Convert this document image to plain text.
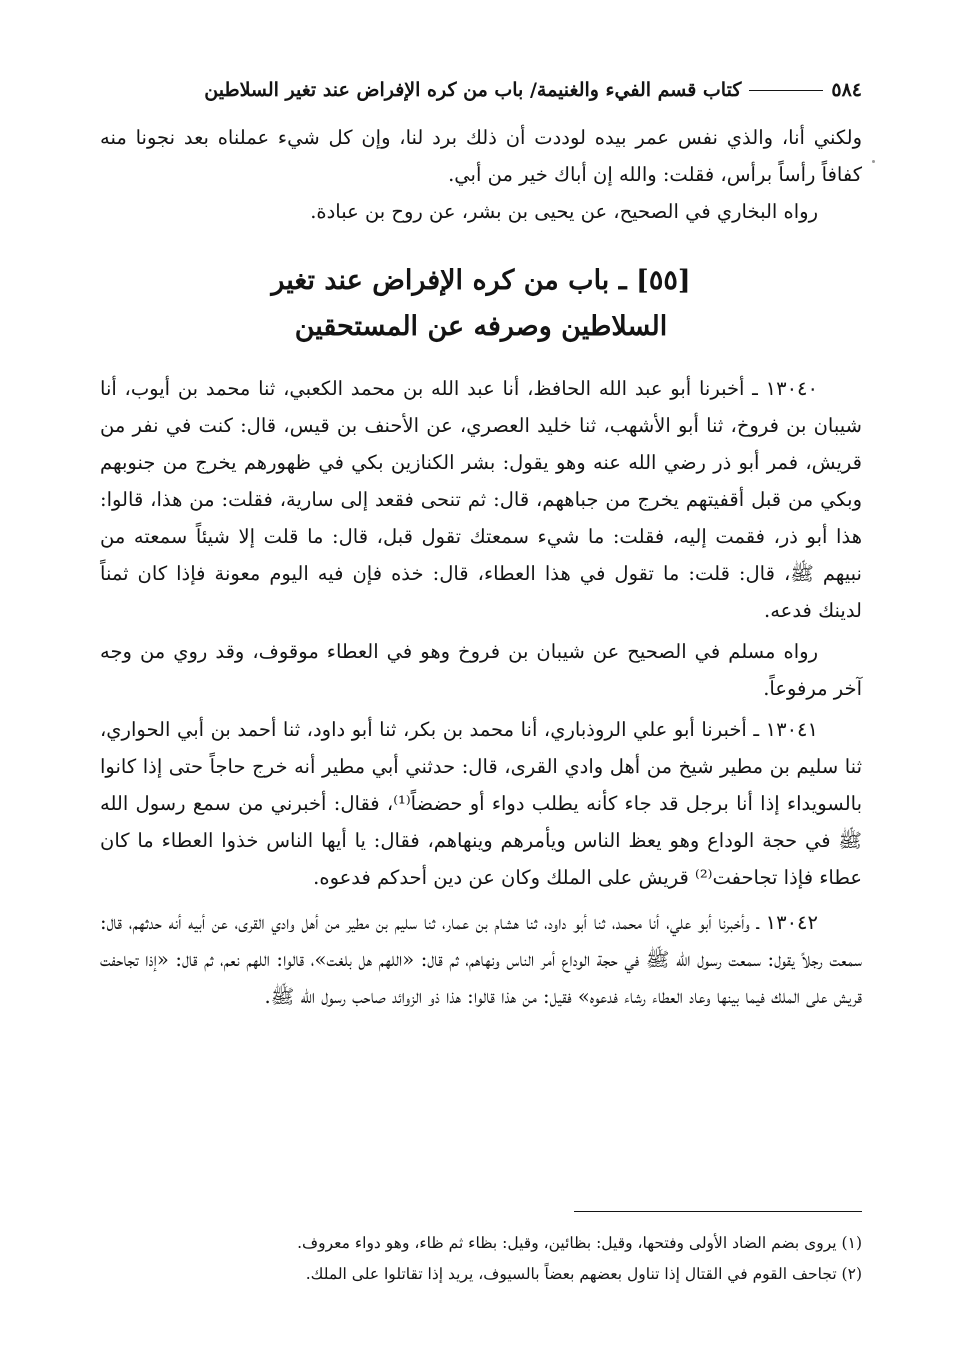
٥٨٤
كتاب قسم الفيء والغنيمة/ باب من كره الإفراض عند تغير السلاطين

ولكني أنا، والذي نفس عمر بيده لوددت أن ذلك برد لنا، وإن كل شيء عملناه بعد نجونا منه كفافاً رأساً برأس، فقلت: والله إن أباك خير من أبي.

رواه البخاري في الصحيح، عن يحيى بن بشر، عن روح بن عبادة.

[٥٥] ـ باب من كره الإفراض عند تغير
السلاطين وصرفه عن المستحقين

١٣٠٤٠ ـ أخبرنا أبو عبد الله الحافظ، أنا عبد الله بن محمد الكعبي، ثنا محمد بن أيوب، أنا شيبان بن فروخ، ثنا أبو الأشهب، ثنا خليد العصري، عن الأحنف بن قيس، قال: كنت في نفر من قريش، فمر أبو ذر رضي الله عنه وهو يقول: بشر الكنازين بكي في ظهورهم يخرج من جنوبهم وبكي من قبل أقفيتهم يخرج من جباههم، قال: ثم تنحى فقعد إلى سارية، فقلت: من هذا، قالوا: هذا أبو ذر، فقمت إليه، فقلت: ما شيء سمعتك تقول قبل، قال: ما قلت إلا شيئاً سمعته من نبيهم ﷺ، قال: قلت: ما تقول في هذا العطاء، قال: خذه فإن فيه اليوم معونة فإذا كان ثمناً لدينك فدعه.

رواه مسلم في الصحيح عن شيبان بن فروخ وهو في العطاء موقوف، وقد روي من وجه آخر مرفوعاً.

١٣٠٤١ ـ أخبرنا أبو علي الروذباري، أنا محمد بن بكر، ثنا أبو داود، ثنا أحمد بن أبي الحواري، ثنا سليم بن مطير شيخ من أهل وادي القرى، قال: حدثني أبي مطير أنه خرج حاجاً حتى إذا كانوا بالسويداء إذا أنا برجل قد جاء كأنه يطلب دواء أو حضضاً⁽¹⁾، فقال: أخبرني من سمع رسول الله ﷺ في حجة الوداع وهو يعظ الناس ويأمرهم وينهاهم، فقال: يا أيها الناس خذوا العطاء ما كان عطاء فإذا تجاحفت⁽²⁾ قريش على الملك وكان عن دين أحدكم فدعوه.

١٣٠٤٢ ـ وأخبرنا أبو علي، أنا محمد، ثنا أبو داود، ثنا هشام بن عمار، ثنا سليم بن مطير من أهل وادي القرى، عن أبيه أنه حدثهم، قال: سمعت رجلاً يقول: سمعت رسول الله ﷺ في حجة الوداع أمر الناس ونهاهم، ثم قال: «اللهم هل بلغت»، قالوا: اللهم نعم، ثم قال: «إذا تجاحفت قريش على الملك فيما بينها وعاد العطاء رشاء فدعوه» فقيل: من هذا قالوا: هذا ذو الزوائد صاحب رسول الله ﷺ.

(١) يروى بضم الضاد الأولى وفتحها، وقيل: بظائين، وقيل: بظاء ثم ظاء، وهو دواء معروف.

(٢) تجاحف القوم في القتال إذا تناول بعضهم بعضاً بالسيوف، يريد إذا تقاتلوا على الملك.
